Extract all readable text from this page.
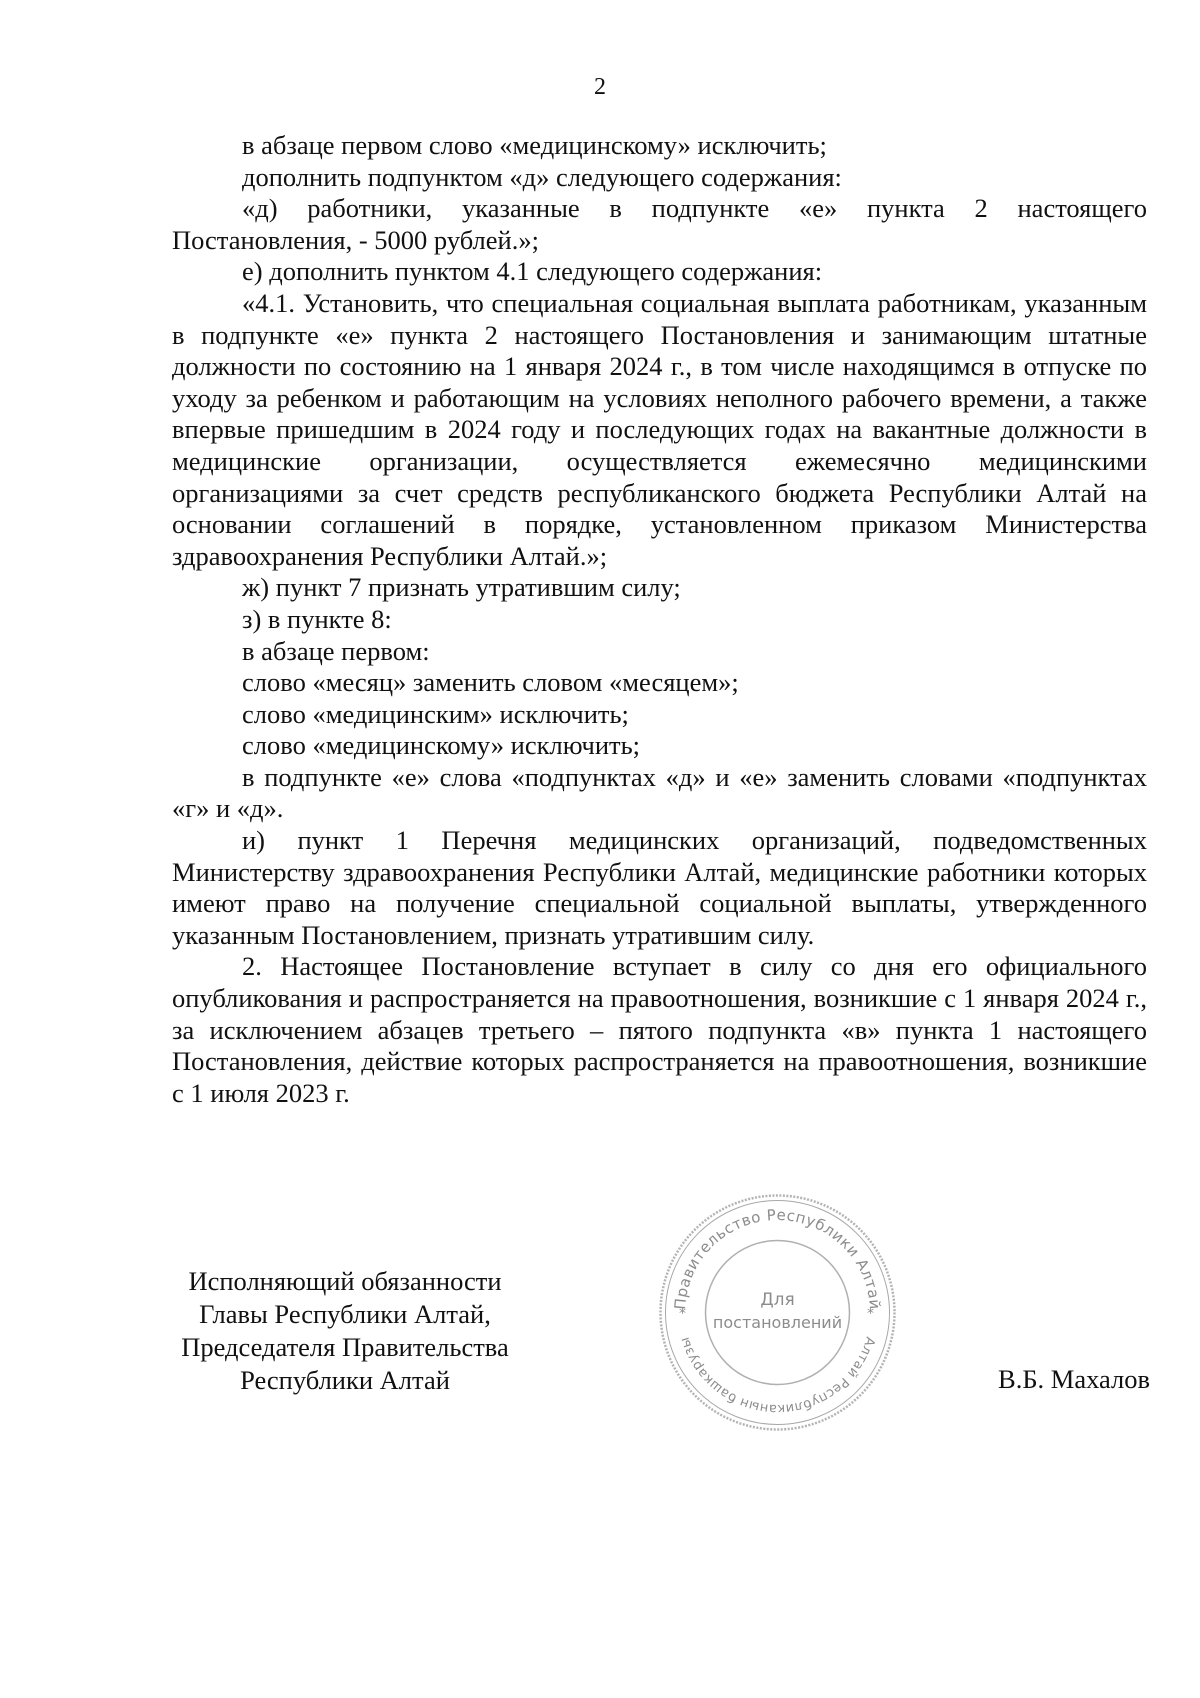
2

в абзаце первом слово «медицинскому» исключить;

дополнить подпунктом «д» следующего содержания:

«д) работники, указанные в подпункте «е» пункта 2 настоящего Постановления, - 5000 рублей.»;

е) дополнить пунктом 4.1 следующего содержания:

«4.1. Установить, что специальная социальная выплата работникам, указанным в подпункте «е» пункта 2 настоящего Постановления и занимающим штатные должности по состоянию на 1 января 2024 г., в том числе находящимся в отпуске по уходу за ребенком и работающим на условиях неполного рабочего времени, а также впервые пришедшим в 2024 году и последующих годах на вакантные должности в медицинские организации, осуществляется ежемесячно медицинскими организациями за счет средств республиканского бюджета Республики Алтай на основании соглашений в порядке, установленном приказом Министерства здравоохранения Республики Алтай.»;

ж) пункт 7 признать утратившим силу;

з) в пункте 8:

в абзаце первом:

слово «месяц» заменить словом «месяцем»;

слово «медицинским» исключить;

слово «медицинскому» исключить;

в подпункте «е» слова «подпунктах «д» и «е» заменить словами «подпунктах «г» и «д».

и) пункт 1 Перечня медицинских организаций, подведомственных Министерству здравоохранения Республики Алтай, медицинские работники которых имеют право на получение специальной социальной выплаты, утвержденного указанным Постановлением, признать утратившим силу.

2. Настоящее Постановление вступает в силу со дня его официального опубликования и распространяется на правоотношения, возникшие с 1 января 2024 г., за исключением абзацев третьего – пятого подпункта «в» пункта 1 настоящего Постановления, действие которых распространяется на правоотношения, возникшие с 1 июля 2023 г.

Исполняющий обязанности
Главы Республики Алтай,
Председателя Правительства
Республики Алтай
Правительство Республики Алтай
Алтай Республиканын башкарузы
*	*
Для
постановлений
В.Б. Махалов
